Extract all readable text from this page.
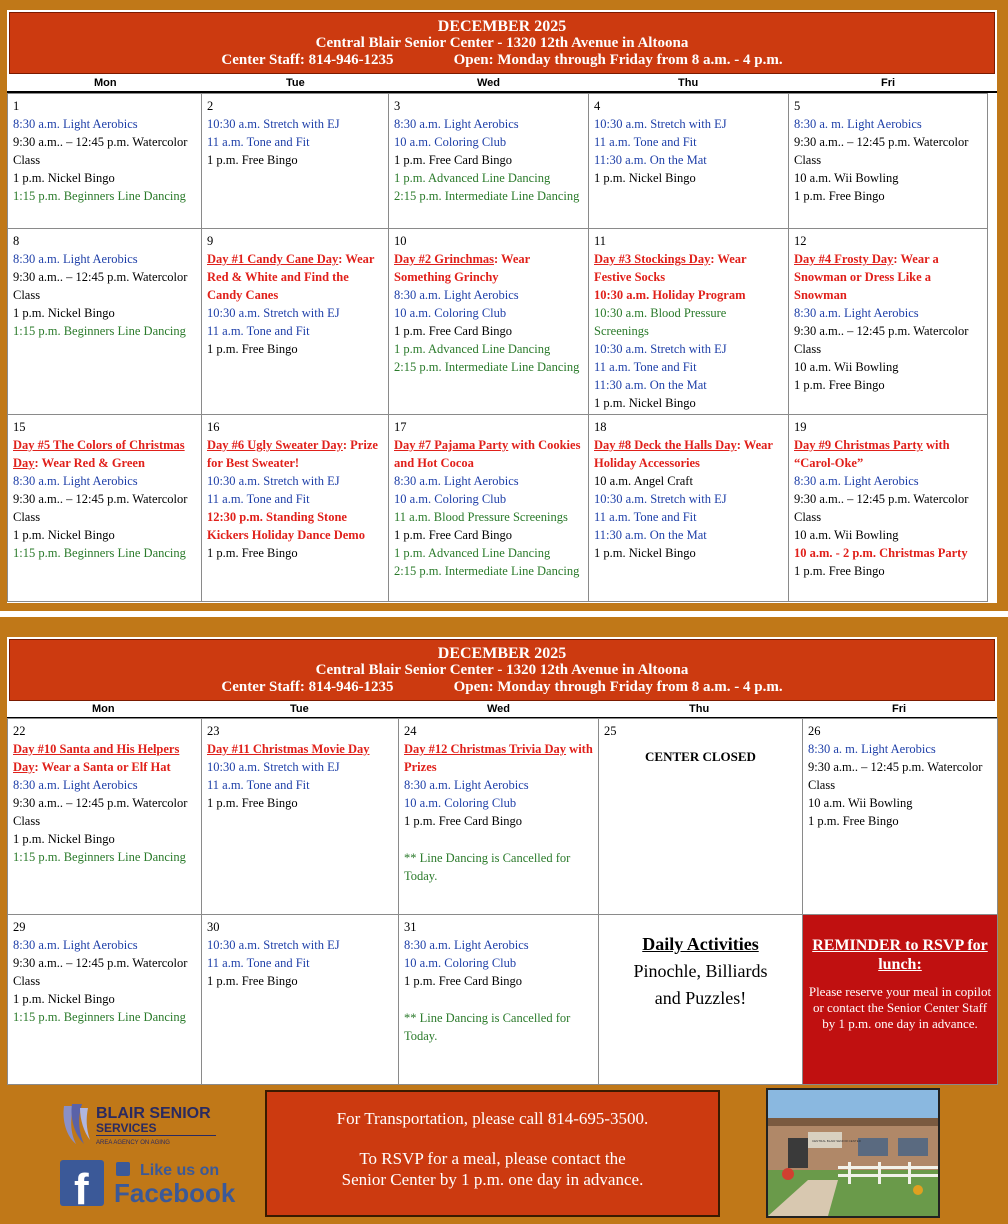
DECEMBER 2025
Central Blair Senior Center - 1320 12th Avenue in Altoona
Center Staff: 814-946-1235	Open: Monday through Friday from 8 a.m. - 4 p.m.
Mon	Tue	Wed	Thu	Fri
1
8:30 a.m. Light Aerobics
9:30 a.m.. – 12:45 p.m. Watercolor Class
1 p.m. Nickel Bingo
1:15 p.m. Beginners Line Dancing
2
10:30 a.m. Stretch with EJ
11 a.m. Tone and Fit
1 p.m. Free Bingo
3
8:30 a.m. Light Aerobics
10 a.m. Coloring Club
1 p.m. Free Card Bingo
1 p.m. Advanced Line Dancing
2:15 p.m. Intermediate Line Dancing
4
10:30 a.m. Stretch with EJ
11 a.m. Tone and Fit
11:30 a.m. On the Mat
1 p.m. Nickel Bingo
5
8:30 a. m. Light Aerobics
9:30 a.m.. – 12:45 p.m. Watercolor Class
10 a.m. Wii Bowling
1 p.m. Free Bingo
8
8:30 a.m. Light Aerobics
9:30 a.m.. – 12:45 p.m. Watercolor Class
1 p.m. Nickel Bingo
1:15 p.m. Beginners Line Dancing
9
Day #1 Candy Cane Day: Wear Red & White and Find the Candy Canes
10:30 a.m. Stretch with EJ
11 a.m. Tone and Fit
1 p.m. Free Bingo
10
Day #2 Grinchmas: Wear Something Grinchy
8:30 a.m. Light Aerobics
10 a.m. Coloring Club
1 p.m. Free Card Bingo
1 p.m. Advanced Line Dancing
2:15 p.m. Intermediate Line Dancing
11
Day #3 Stockings Day: Wear Festive Socks
10:30 a.m. Holiday Program
10:30 a.m. Blood Pressure Screenings
10:30 a.m. Stretch with EJ
11 a.m. Tone and Fit
11:30 a.m. On the Mat
1 p.m. Nickel Bingo
12
Day #4 Frosty Day: Wear a Snowman or Dress Like a Snowman
8:30 a.m. Light Aerobics
9:30 a.m.. – 12:45 p.m. Watercolor Class
10 a.m. Wii Bowling
1 p.m. Free Bingo
15
Day #5 The Colors of Christmas Day: Wear Red & Green
8:30 a.m. Light Aerobics
9:30 a.m.. – 12:45 p.m. Watercolor Class
1 p.m. Nickel Bingo
1:15 p.m. Beginners Line Dancing
16
Day #6 Ugly Sweater Day: Prize for Best Sweater!
10:30 a.m. Stretch with EJ
11 a.m. Tone and Fit
12:30 p.m. Standing Stone Kickers Holiday Dance Demo
1 p.m. Free Bingo
17
Day #7 Pajama Party with Cookies and Hot Cocoa
8:30 a.m. Light Aerobics
10 a.m. Coloring Club
11 a.m. Blood Pressure Screenings
1 p.m. Free Card Bingo
1 p.m. Advanced Line Dancing
2:15 p.m. Intermediate Line Dancing
18
Day #8 Deck the Halls Day: Wear Holiday Accessories
10 a.m. Angel Craft
10:30 a.m. Stretch with EJ
11 a.m. Tone and Fit
11:30 a.m. On the Mat
1 p.m. Nickel Bingo
19
Day #9 Christmas Party with “Carol-Oke”
8:30 a.m. Light Aerobics
9:30 a.m.. – 12:45 p.m. Watercolor Class
10 a.m. Wii Bowling
10 a.m. - 2 p.m. Christmas Party
1 p.m. Free Bingo
DECEMBER 2025
Central Blair Senior Center - 1320 12th Avenue in Altoona
Center Staff: 814-946-1235	Open: Monday through Friday from 8 a.m. - 4 p.m.
Mon	Tue	Wed	Thu	Fri
22
Day #10 Santa and His Helpers Day: Wear a Santa or Elf Hat
8:30 a.m. Light Aerobics
9:30 a.m.. – 12:45 p.m. Watercolor Class
1 p.m. Nickel Bingo
1:15 p.m. Beginners Line Dancing
23
Day #11 Christmas Movie Day
10:30 a.m. Stretch with EJ
11 a.m. Tone and Fit
1 p.m. Free Bingo
24
Day #12 Christmas Trivia Day with Prizes
8:30 a.m. Light Aerobics
10 a.m. Coloring Club
1 p.m. Free Card Bingo
** Line Dancing is Cancelled for Today.
25
CENTER CLOSED
26
8:30 a. m. Light Aerobics
9:30 a.m.. – 12:45 p.m. Watercolor Class
10 a.m. Wii Bowling
1 p.m. Free Bingo
29
8:30 a.m. Light Aerobics
9:30 a.m.. – 12:45 p.m. Watercolor Class
1 p.m. Nickel Bingo
1:15 p.m. Beginners Line Dancing
30
10:30 a.m. Stretch with EJ
11 a.m. Tone and Fit
1 p.m. Free Bingo
31
8:30 a.m. Light Aerobics
10 a.m. Coloring Club
1 p.m. Free Card Bingo
** Line Dancing is Cancelled for Today.
Daily Activities
Pinochle, Billiards
and Puzzles!
REMINDER to RSVP for lunch:
Please reserve your meal in copilot or contact the Senior Center Staff by 1 p.m. one day in advance.
BLAIR SENIOR
SERVICES
AREA AGENCY ON AGING
f	Like us on
Facebook
For Transportation, please call 814-695-3500.
To RSVP for a meal, please contact the
Senior Center by 1 p.m. one day in advance.
CENTRAL BLAIR SENIOR CENTER
